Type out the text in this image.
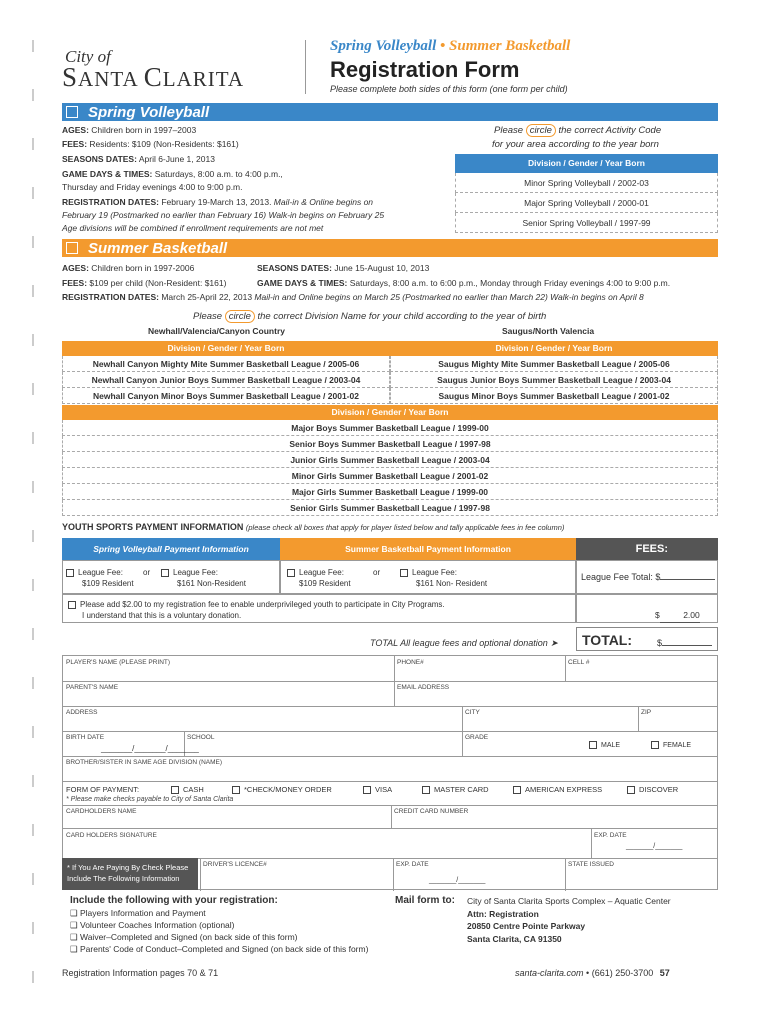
City of
SANTA CLARITA
Spring Volleyball • Summer Basketball
Registration Form
Please complete both sides of this form (one form per child)
Spring Volleyball
AGES: Children born in 1997–2003
FEES: Residents: $109 (Non-Residents: $161)
SEASONS DATES: April 6-June 1, 2013
GAME DAYS & TIMES: Saturdays, 8:00 a.m. to 4:00 p.m.,
Thursday and Friday evenings 4:00 to 9:00 p.m.
REGISTRATION DATES: February 19-March 13, 2013. Mail-in & Online begins on
February 19 (Postmarked no earlier than February 16) Walk-in begins on February 25
Age divisions will be combined if enrollment requirements are not met
Please circle the correct Activity Code
for your area according to the year born
Division / Gender / Year Born
Minor Spring Volleyball / 2002-03
Major Spring Volleyball / 2000-01
Senior Spring Volleyball / 1997-99
Summer Basketball
AGES: Children born in 1997-2006	SEASONS DATES: June 15-August 10, 2013
FEES: $109 per child (Non-Resident: $161)	GAME DAYS & TIMES: Saturdays, 8:00 a.m. to 6:00 p.m., Monday through Friday evenings 4:00 to 9:00 p.m.
REGISTRATION DATES: March 25-April 22, 2013 Mail-in and Online begins on March 25 (Postmarked no earlier than March 22) Walk-in begins on April 8
Please circle the correct Division Name for your child according to the year of birth
Newhall/Valencia/Canyon Country	Saugus/North Valencia
Division / Gender / Year Born
Newhall Canyon Mighty Mite Summer Basketball League / 2005-06
Newhall Canyon Junior Boys Summer Basketball League / 2003-04
Newhall Canyon Minor Boys Summer Basketball League / 2001-02
Division / Gender / Year Born
Saugus Mighty Mite Summer Basketball League / 2005-06
Saugus Junior Boys Summer Basketball League / 2003-04
Saugus Minor Boys Summer Basketball League / 2001-02
Division / Gender / Year Born
Major Boys Summer Basketball League / 1999-00
Senior Boys Summer Basketball League / 1997-98
Junior Girls Summer Basketball League / 2003-04
Minor Girls Summer Basketball League / 2001-02
Major Girls Summer Basketball League / 1999-00
Senior Girls Summer Basketball League / 1997-98
YOUTH SPORTS PAYMENT INFORMATION (please check all boxes that apply for player listed below and tally applicable fees in fee column)
Spring Volleyball Payment Information	Summer Basketball Payment Information	FEES:
League Fee:
$109 Resident
or	League Fee:
$161 Non-Resident
League Fee:
$109 Resident
or	League Fee:
$161 Non- Resident
League Fee Total: $
Please add $2.00 to my registration fee to enable underprivileged youth to participate in City Programs.
I understand that this is a voluntary donation.	$	2.00
TOTAL All league fees and optional donation ➤ TOTAL:	$
PLAYER'S NAME (PLEASE PRINT)	PHONE#	CELL #
PARENT'S NAME	EMAIL ADDRESS
ADDRESS	CITY	ZIP
BIRTH DATE
_______/_______/_______
SCHOOL	GRADE
MALE	FEMALE
BROTHER/SISTER IN SAME AGE DIVISION (NAME)
FORM OF PAYMENT:	CASH	*CHECK/MONEY ORDER	VISA	MASTER CARD	AMERICAN EXPRESS	DISCOVER
* Please make checks payable to City of Santa Clarita
CARDHOLDERS NAME	CREDIT CARD NUMBER
CARD HOLDERS SIGNATURE	EXP. DATE
_______/_______
DRIVER'S LICENCE#	EXP. DATE	STATE ISSUED
_______/_______
* If You Are Paying By Check Please
Include The Following Information
Include the following with your registration:
❑ Players Information and Payment
❑ Volunteer Coaches Information (optional)
❑ Waiver–Completed and Signed (on back side of this form)
❑ Parents' Code of Conduct–Completed and Signed (on back side of this form)
Mail form to: City of Santa Clarita Sports Complex – Aquatic Center
Attn: Registration
20850 Centre Pointe Parkway
Santa Clarita, CA 91350
Registration Information pages 70 & 71	santa-clarita.com • (661) 250-3700 57
